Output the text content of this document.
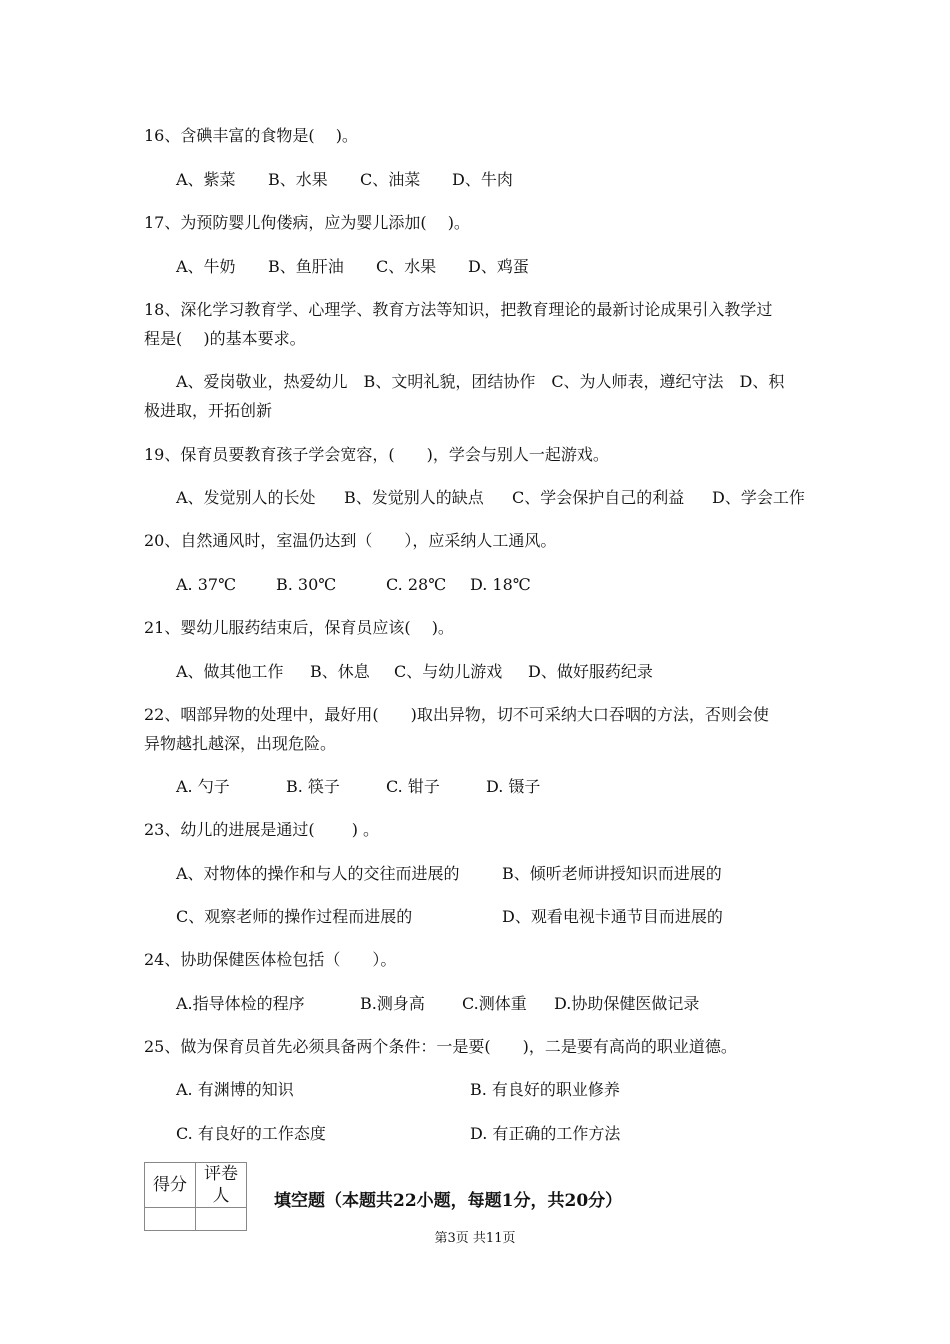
16、含碘丰富的食物是(　 )。
A、紫菜 B、水果 C、油菜 D、牛肉
17、为预防婴儿佝偻病，应为婴儿添加(　 )。
A、牛奶 B、鱼肝油 C、水果 D、鸡蛋
18、深化学习教育学、心理学、教育方法等知识，把教育理论的最新讨论成果引入教学过
程是(　 )的基本要求。
A、爱岗敬业，热爱幼儿　B、文明礼貌，团结协作　C、为人师表，遵纪守法　D、积
极进取，开拓创新
19、保育员要教育孩子学会宽容，(　　)，学会与别人一起游戏。
A、发觉别人的长处 B、发觉别人的缺点 C、学会保护自己的利益 D、学会工作
20、自然通风时，室温仍达到（　　），应采纳人工通风。
A. 37℃	B. 30℃	C. 28℃ D. 18℃
21、婴幼儿服药结束后，保育员应该(　 )。
A、做其他工作 B、休息 C、与幼儿游戏 D、做好服药纪录
22、咽部异物的处理中，最好用(　　)取出异物，切不可采纳大口吞咽的方法，否则会使
异物越扎越深，出现危险。
A. 勺子	B. 筷子	C. 钳子	D. 镊子
23、幼儿的进展是通过(　　 ) 。
A、对物体的操作和与人的交往而进展的	B、倾听老师讲授知识而进展的
C、观察老师的操作过程而进展的	D、观看电视卡通节目而进展的
24、协助保健医体检包括（　　）。
A.指导体检的程序	B.测身高 C.测体重 D.协助保健医做记录
25、做为保育员首先必须具备两个条件：一是要(　　)，二是要有高尚的职业道德。
A. 有渊博的知识	B. 有良好的职业修养
C. 有良好的工作态度	D. 有正确的工作方法
得分	评卷人
		填空题（本题共22小题，每题1分，共20分）
第3页 共11页
